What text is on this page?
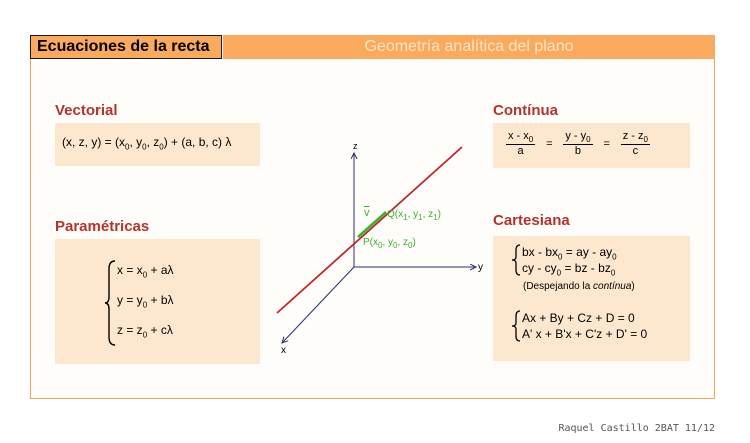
Ecuaciones de la recta	Geometría analítica del plano
Vectorial
(x, z, $y) = (x_0$, $y_0$, $z_0) + (a$, b, c) λ
Paramétricas
$x = x_0 + a\lambda$
$y = y_0 + b\lambda$
$z = z_0 + c\lambda$
Contínua
$\frac{x - x_0}{a} = \frac{y - y_0}{b} = \frac{z - z_0}{c}$
Cartesiana
bx - $bx_0$ = ay - $ay_0$
cy - $cy_0$ = bz - $bz_0$
(Despejando la contínua)
Ax + By + Cz + D = 0
A' x + B'x + C'z + D' = 0
z
y
x
$\overline{v}$ $Q(x_1$, $y_1$, $z_1$)
$P(x_0$, $y_0$, $z_0$)
Raquel Castillo 2BAT 11/12
